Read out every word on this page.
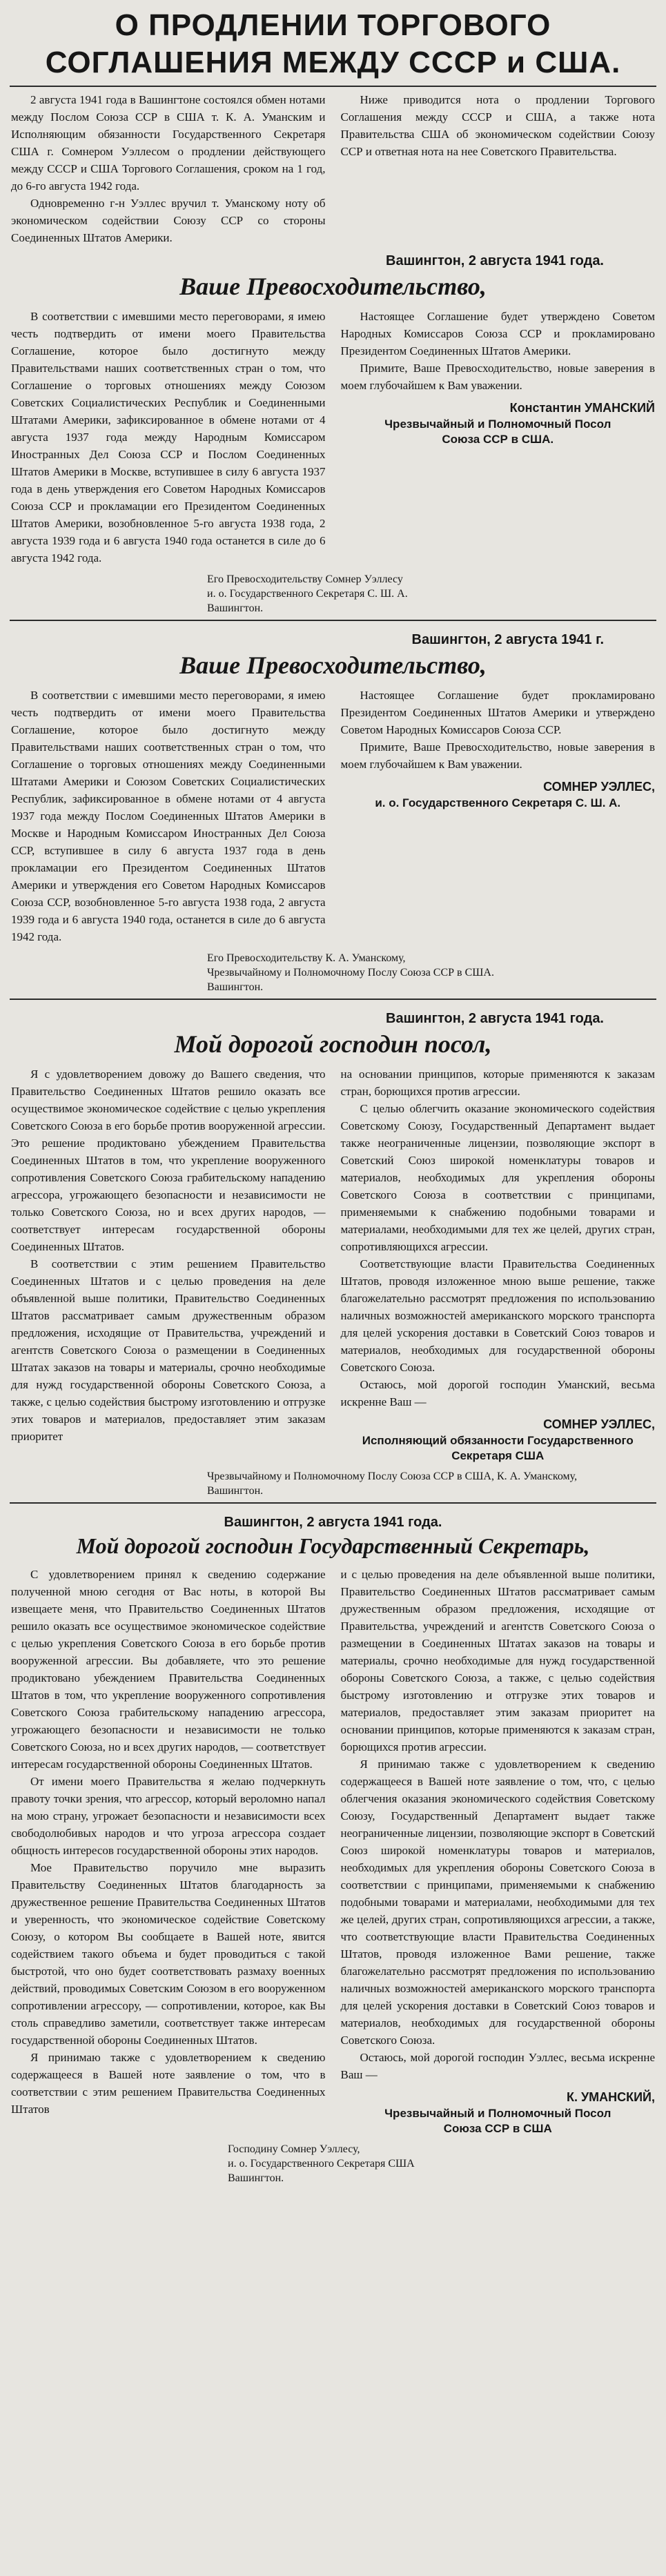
О ПРОДЛЕНИИ ТОРГОВОГО
СОГЛАШЕНИЯ МЕЖДУ СССР и США.

2 августа 1941 года в Вашингтоне состоялся обмен нотами между Послом Союза ССР в США т. К. А. Уманским и Исполняющим обязанности Государственного Секретаря США г. Сомнером Уэллесом о продлении действующего между СССР и США Торгового Соглашения, сроком на 1 год, до 6-го августа 1942 года.

Одновременно г-н Уэллес вручил т. Уманскому ноту об экономическом содействии Союзу ССР со стороны Соединенных Штатов Америки.

Ниже приводится нота о продлении Торгового Соглашения между СССР и США, а также нота Правительства США об экономическом содействии Союзу ССР и ответная нота на нее Советского Правительства.

Вашингтон, 2 августа 1941 года.
Ваше Превосходительство,

В соответствии с имевшими место переговорами, я имею честь подтвердить от имени моего Правительства Соглашение, которое было достигнуто между Правительствами наших соответственных стран о том, что Соглашение о торговых отношениях между Союзом Советских Социалистических Республик и Соединенными Штатами Америки, зафиксированное в обмене нотами от 4 августа 1937 года между Народным Комиссаром Иностранных Дел Союза ССР и Послом Соединенных Штатов Америки в Москве, вступившее в силу 6 августа 1937 года в день утверждения его Советом Народных Комиссаров Союза ССР и прокламации его Президентом Соединенных Штатов Америки, возобновленное 5-го августа 1938 года, 2 августа 1939 года и 6 августа 1940 года останется в силе до 6 августа 1942 года.

Настоящее Соглашение будет утверждено Советом Народных Комиссаров Союза ССР и прокламировано Президентом Соединенных Штатов Америки.

Примите, Ваше Превосходительство, новые заверения в моем глубочайшем к Вам уважении.

Константин УМАНСКИЙ
Чрезвычайный и Полномочный Посол
Союза ССР в США.
Его Превосходительству Сомнер Уэллесу
и. о. Государственного Секретаря С. Ш. А.
Вашингтон.
Вашингтон, 2 августа 1941 г.
Ваше Превосходительство,

В соответствии с имевшими место переговорами, я имею честь подтвердить от имени моего Правительства Соглашение, которое было достигнуто между Правительствами наших соответственных стран о том, что Соглашение о торговых отношениях между Соединенными Штатами Америки и Союзом Советских Социалистических Республик, зафиксированное в обмене нотами от 4 августа 1937 года между Послом Соединенных Штатов Америки в Москве и Народным Комиссаром Иностранных Дел Союза ССР, вступившее в силу 6 августа 1937 года в день прокламации его Президентом Соединенных Штатов Америки и утверждения его Советом Народных Комиссаров Союза ССР, возобновленное 5-го августа 1938 года, 2 августа 1939 года и 6 августа 1940 года, останется в силе до 6 августа 1942 года.

Настоящее Соглашение будет прокламировано Президентом Соединенных Штатов Америки и утверждено Советом Народных Комиссаров Союза ССР.

Примите, Ваше Превосходительство, новые заверения в моем глубочайшем к Вам уважении.

СОМНЕР УЭЛЛЕС,
и. о. Государственного Секретаря С. Ш. А.
Его Превосходительству К. А. Уманскому,
Чрезвычайному и Полномочному Послу Союза ССР в США.
Вашингтон.
Вашингтон, 2 августа 1941 года.
Мой дорогой господин посол,

Я с удовлетворением довожу до Вашего сведения, что Правительство Соединенных Штатов решило оказать все осуществимое экономическое содействие с целью укрепления Советского Союза в его борьбе против вооруженной агрессии. Это решение продиктовано убеждением Правительства Соединенных Штатов в том, что укрепление вооруженного сопротивления Советского Союза грабительскому нападению агрессора, угрожающего безопасности и независимости не только Советского Союза, но и всех других народов, — соответствует интересам государственной обороны Соединенных Штатов.

В соответствии с этим решением Правительство Соединенных Штатов и с целью проведения на деле объявленной выше политики, Правительство Соединенных Штатов рассматривает самым дружественным образом предложения, исходящие от Правительства, учреждений и агентств Советского Союза о размещении в Соединенных Штатах заказов на товары и материалы, срочно необходимые для нужд государственной обороны Советского Союза, а также, с целью содействия быстрому изготовлению и отгрузке этих товаров и материалов, предоставляет этим заказам приоритет

на основании принципов, которые применяются к заказам стран, борющихся против агрессии.

С целью облегчить оказание экономического содействия Советскому Союзу, Государственный Департамент выдает также неограниченные лицензии, позволяющие экспорт в Советский Союз широкой номенклатуры товаров и материалов, необходимых для укрепления обороны Советского Союза в соответствии с принципами, применяемыми к снабжению подобными товарами и материалами, необходимыми для тех же целей, других стран, сопротивляющихся агрессии.

Соответствующие власти Правительства Соединенных Штатов, проводя изложенное мною выше решение, также благожелательно рассмотрят предложения по использованию наличных возможностей американского морского транспорта для целей ускорения доставки в Советский Союз товаров и материалов, необходимых для государственной обороны Советского Союза.

Остаюсь, мой дорогой господин Уманский, весьма искренне Ваш —

СОМНЕР УЭЛЛЕС,
Исполняющий обязанности Государственного Секретаря США
Чрезвычайному и Полномочному Послу Союза ССР в США, К. А. Уманскому,
Вашингтон.
Вашингтон, 2 августа 1941 года.
Мой дорогой господин Государственный Секретарь,

С удовлетворением принял к сведению содержание полученной мною сегодня от Вас ноты, в которой Вы извещаете меня, что Правительство Соединенных Штатов решило оказать все осуществимое экономическое содействие с целью укрепления Советского Союза в его борьбе против вооруженной агрессии. Вы добавляете, что это решение продиктовано убеждением Правительства Соединенных Штатов в том, что укрепление вооруженного сопротивления Советского Союза грабительскому нападению агрессора, угрожающего безопасности и независимости не только Советского Союза, но и всех других народов, — соответствует интересам государственной обороны Соединенных Штатов.

От имени моего Правительства я желаю подчеркнуть правоту точки зрения, что агрессор, который вероломно напал на мою страну, угрожает безопасности и независимости всех свободолюбивых народов и что угроза агрессора создает общность интересов государственной обороны этих народов.

Мое Правительство поручило мне выразить Правительству Соединенных Штатов благодарность за дружественное решение Правительства Соединенных Штатов и уверенность, что экономическое содействие Советскому Союзу, о котором Вы сообщаете в Вашей ноте, явится содействием такого объема и будет проводиться с такой быстротой, что оно будет соответствовать размаху военных действий, проводимых Советским Союзом в его вооруженном сопротивлении агрессору, — сопротивлении, которое, как Вы столь справедливо заметили, соответствует также интересам государственной обороны Соединенных Штатов.

Я принимаю также с удовлетворением к сведению содержащееся в Вашей ноте заявление о том, что в соответствии с этим решением Правительства Соединенных Штатов

и с целью проведения на деле объявленной выше политики, Правительство Соединенных Штатов рассматривает самым дружественным образом предложения, исходящие от Правительства, учреждений и агентств Советского Союза о размещении в Соединенных Штатах заказов на товары и материалы, срочно необходимые для нужд государственной обороны Советского Союза, а также, с целью содействия быстрому изготовлению и отгрузке этих товаров и материалов, предоставляет этим заказам приоритет на основании принципов, которые применяются к заказам стран, борющихся против агрессии.

Я принимаю также с удовлетворением к сведению содержащееся в Вашей ноте заявление о том, что, с целью облегчения оказания экономического содействия Советскому Союзу, Государственный Департамент выдает также неограниченные лицензии, позволяющие экспорт в Советский Союз широкой номенклатуры товаров и материалов, необходимых для укрепления обороны Советского Союза в соответствии с принципами, применяемыми к снабжению подобными товарами и материалами, необходимыми для тех же целей, других стран, сопротивляющихся агрессии, а также, что соответствующие власти Правительства Соединенных Штатов, проводя изложенное Вами решение, также благожелательно рассмотрят предложения по использованию наличных возможностей американского морского транспорта для целей ускорения доставки в Советский Союз товаров и материалов, необходимых для государственной обороны Советского Союза.

Остаюсь, мой дорогой господин Уэллес, весьма искренне Ваш —

К. УМАНСКИЙ,
Чрезвычайный и Полномочный Посол
Союза ССР в США
Господину Сомнер Уэллесу,
и. о. Государственного Секретаря США
Вашингтон.
